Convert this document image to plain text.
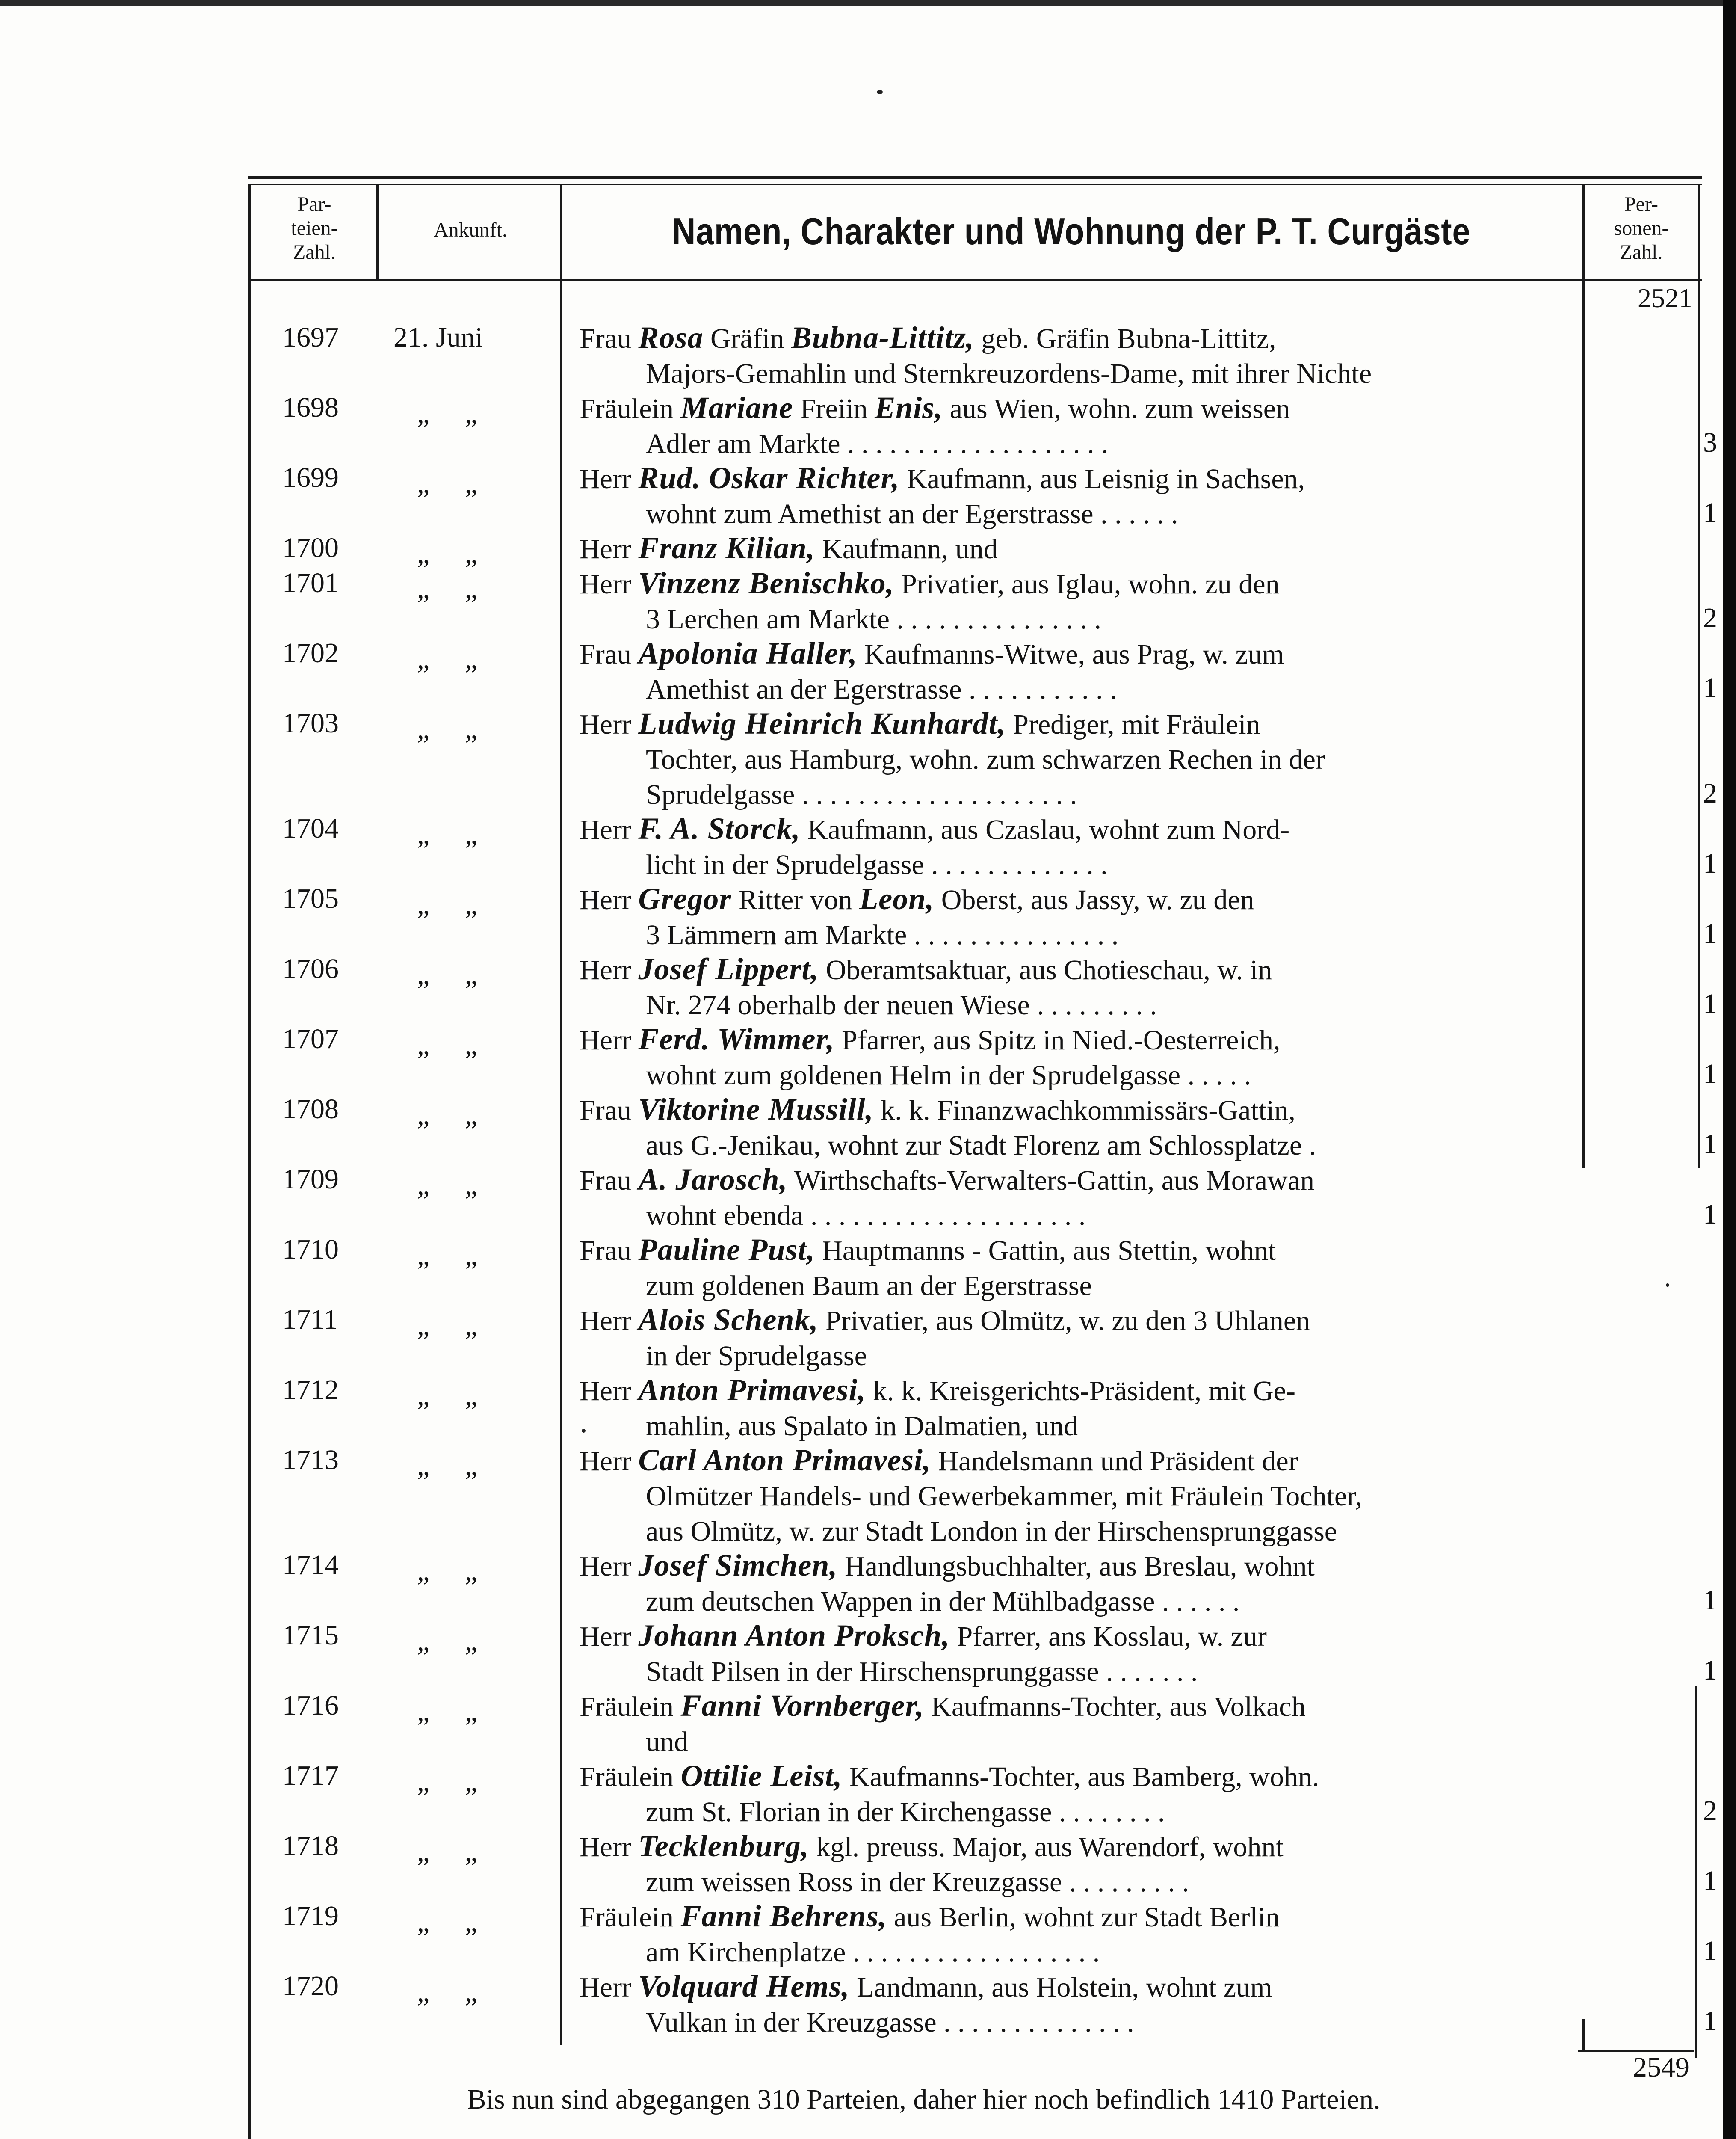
Par-
teien-
Zahl.
Ankunft.	Namen, Charakter und Wohnung der P. T. Curgäste
Per-
sonen-
Zahl.
2521
1697	21. Juni	Frau Rosa Gräfin Bubna-Littitz, geb. Gräfin Bubna-Littitz,
Majors-Gemahlin und Sternkreuzordens-Dame, mit ihrer Nichte
1698	„     „	Fräulein Mariane Freiin Enis, aus Wien, wohn. zum weissen
Adler am Markte . . . . . . . . . . . . . . . . . . .	3
1699	„     „	Herr Rud. Oskar Richter, Kaufmann, aus Leisnig in Sachsen,
wohnt zum Amethist an der Egerstrasse . . . . . .	1
1700	„     „	Herr Franz Kilian, Kaufmann, und
1701	„     „	Herr Vinzenz Benischko, Privatier, aus Iglau, wohn. zu den
3 Lerchen am Markte . . . . . . . . . . . . . . .	2
1702	„     „	Frau Apolonia Haller, Kaufmanns-Witwe, aus Prag, w. zum
Amethist an der Egerstrasse . . . . . . . . . . .	1
1703	„     „	Herr Ludwig Heinrich Kunhardt, Prediger, mit Fräulein
Tochter, aus Hamburg, wohn. zum schwarzen Rechen in der
Sprudelgasse . . . . . . . . . . . . . . . . . . . .	2
1704	„     „	Herr F. A. Storck, Kaufmann, aus Czaslau, wohnt zum Nord-
licht in der Sprudelgasse . . . . . . . . . . . . .	1
1705	„     „	Herr Gregor Ritter von Leon, Oberst, aus Jassy, w. zu den
3 Lämmern am Markte . . . . . . . . . . . . . . .	1
1706	„     „	Herr Josef Lippert, Oberamtsaktuar, aus Chotieschau, w. in
Nr. 274 oberhalb der neuen Wiese . . . . . . . . .	1
1707	„     „	Herr Ferd. Wimmer, Pfarrer, aus Spitz in Nied.-Oesterreich,
wohnt zum goldenen Helm in der Sprudelgasse . . . . .	1
1708	„     „	Frau Viktorine Mussill, k. k. Finanzwachkommissärs-Gattin,
aus G.-Jenikau, wohnt zur Stadt Florenz am Schlossplatze .	1
1709	„     „	Frau A. Jarosch, Wirthschafts-Verwalters-Gattin, aus Morawan
wohnt ebenda . . . . . . . . . . . . . . . . . . . .	1
1710	„     „	Frau Pauline Pust, Hauptmanns - Gattin, aus Stettin, wohnt
zum goldenen Baum an der Egerstrasse
1711	„     „	Herr Alois Schenk, Privatier, aus Olmütz, w. zu den 3 Uhlanen
in der Sprudelgasse
1712	„     „	Herr Anton Primavesi, k. k. Kreisgerichts-Präsident, mit Ge-
mahlin, aus Spalato in Dalmatien, und
1713	„     „	Herr Carl Anton Primavesi, Handelsmann und Präsident der
Olmützer Handels- und Gewerbekammer, mit Fräulein Tochter,
aus Olmütz, w. zur Stadt London in der Hirschensprunggasse
1714	„     „	Herr Josef Simchen, Handlungsbuchhalter, aus Breslau, wohnt
zum deutschen Wappen in der Mühlbadgasse . . . . . .	1
1715	„     „	Herr Johann Anton Proksch, Pfarrer, ans Kosslau, w. zur
Stadt Pilsen in der Hirschensprunggasse . . . . . . .	1
1716	„     „	Fräulein Fanni Vornberger, Kaufmanns-Tochter, aus Volkach
und
1717	„     „	Fräulein Ottilie Leist, Kaufmanns-Tochter, aus Bamberg, wohn.
zum St. Florian in der Kirchengasse . . . . . . . .	2
1718	„     „	Herr Tecklenburg, kgl. preuss. Major, aus Warendorf, wohnt
zum weissen Ross in der Kreuzgasse . . . . . . . . .	1
1719	„     „	Fräulein Fanni Behrens, aus Berlin, wohnt zur Stadt Berlin
am Kirchenplatze . . . . . . . . . . . . . . . . . .	1
1720	„     „	Herr Volquard Hems, Landmann, aus Holstein, wohnt zum
Vulkan in der Kreuzgasse . . . . . . . . . . . . . .	1
2549
Bis nun sind abgegangen 310 Parteien, daher hier noch befindlich 1410 Parteien.
